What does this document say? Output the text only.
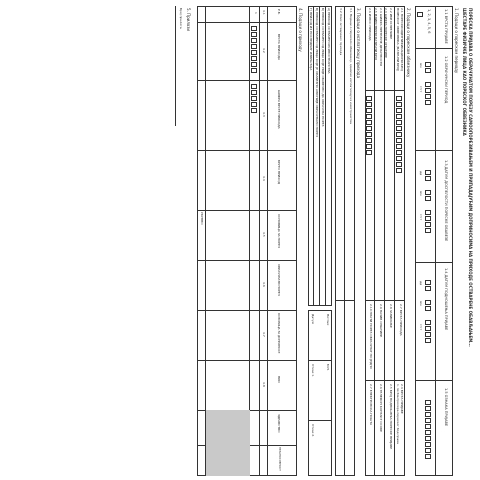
ПОРЕСКА ПРИЈАВА О ОБРАЧУНАТОМ ПОРЕЗУ САМООПОРЕЗИВАЊЕМ И ПРИПАДАЈУЋИМ ДОПРИНОСИМА НА ПРИХОДЕ ОСТВАРЕНЕ ОБАВЉАЊЕМ...
ШЕСТАРЕ ФИЗИЧКЕ ЛИЦА КАО ПОРЕСКОГ ОБВЕЗНИКА
1. Подаци о пореском периоду
1.1 ВРСТА ПРИЈАВЕ
1.2 ОБРАЧУНСКИ ПЕРИОД
1.3 ДАТУМ ДОСПЕЛОСТИ ПОРЕСКЕ ОБАВЕЗЕ
1.4 ДАТУМ ПОДНОШЕЊА ПРИЈАВЕ
1.5 ОЗНАКА ПРИЈАВЕ
1, 2, 3, 4, 5, 6
мм
гггг
дд
мм
гггг
дд
мм
гггг
2. Подаци о пореском обвезнику
2.1 ПОРЕСКИ ИДЕНТИФИКАЦИОНИ БРОЈ
ПОРЕСКОГ ОБВЕЗНИКА (МАТИЧНИ БРОЈ)
2.2 ИМЕ И ПРЕЗИМЕ
2.3 ШИФРА ПОРЕСКЕ ОПШТИНЕ
2.4 ШИФРА ПРЕТЕЖНЕ ДЕЛАТНОСТИ
2.5 ЈЕДИНСТВЕНИ МАТИЧНИ БРОЈ
2.6 ИЗНОС ПРИХОДА
2.7 ВРСТА ПРИХОДА
2.8 ЗАНИМАЊЕ
2.9 НАЗИВ ОПШТИНЕ
2.10 ПЛАТИ ПОРЕЗ ОБРАЧУНАТ ПО ЈЕДНО
2.4 ВРСТА ПРИЈАВЕ
1. по Контролора пореског бод права
2.5 БРОЈ ПОДНОШЕЊА ПОРЕСКЕ ПРИЈАВЕ
2.6 ТЕЛЕФОН КОНТАКТ ОСОБЕ
2.7 ЕЛЕКТРОНСКА ПОШТА
3. Подаци о исплатиоцу прихода
3.1 Подаци о пореском обвезнику, односно исплатиоцу из иностранства
3.2 Опис остварених прихода
A) ПРИХОД ОСТВАРЕН ИЗ ИНОСТРАНСТВА
Б) ПРИХОД ОСТВАРЕН ОД ЛИЦА КОЈЕ НИЈЕ ОБАВЕЗНО ДА ОБРАЧУНА ПОРЕЗ
В) ПРИХОД ОСТВАРЕН ОД ЛИЦА КОЈЕ ЈЕ ОБАВЕЗНО АЛИ НИЈЕ ОБРАЧУНАЛО ПОРЕЗ
Г) ПРИХОД ИЗ ПОСЛЕДЊЕГ ИЗВЕШТАЈА
Датум
Отказ 1.
Отказ 2.
Потпис
М.П.
4. Подаци о приходу
Р.Б.
ВРСТА ПРИХОДА
ШИФРА ВРСТЕ ПРИХОДА
БРУТО ПРИХОД
ОСНОВИЦА ЗА ПОРЕЗ
ОБРАЧУНАТИ ПОРЕЗ
ОСНОВИЦА ЗА ДОПРИНОСЕ
ПИО
ЗДРАВСТВО
НЕЗАПОСЛЕНОСТ
4.1
4.2
4.3
4.4
4.5
4.6
4.7
4.8
1
УКУПНО
5. Прилози
Број прилога
